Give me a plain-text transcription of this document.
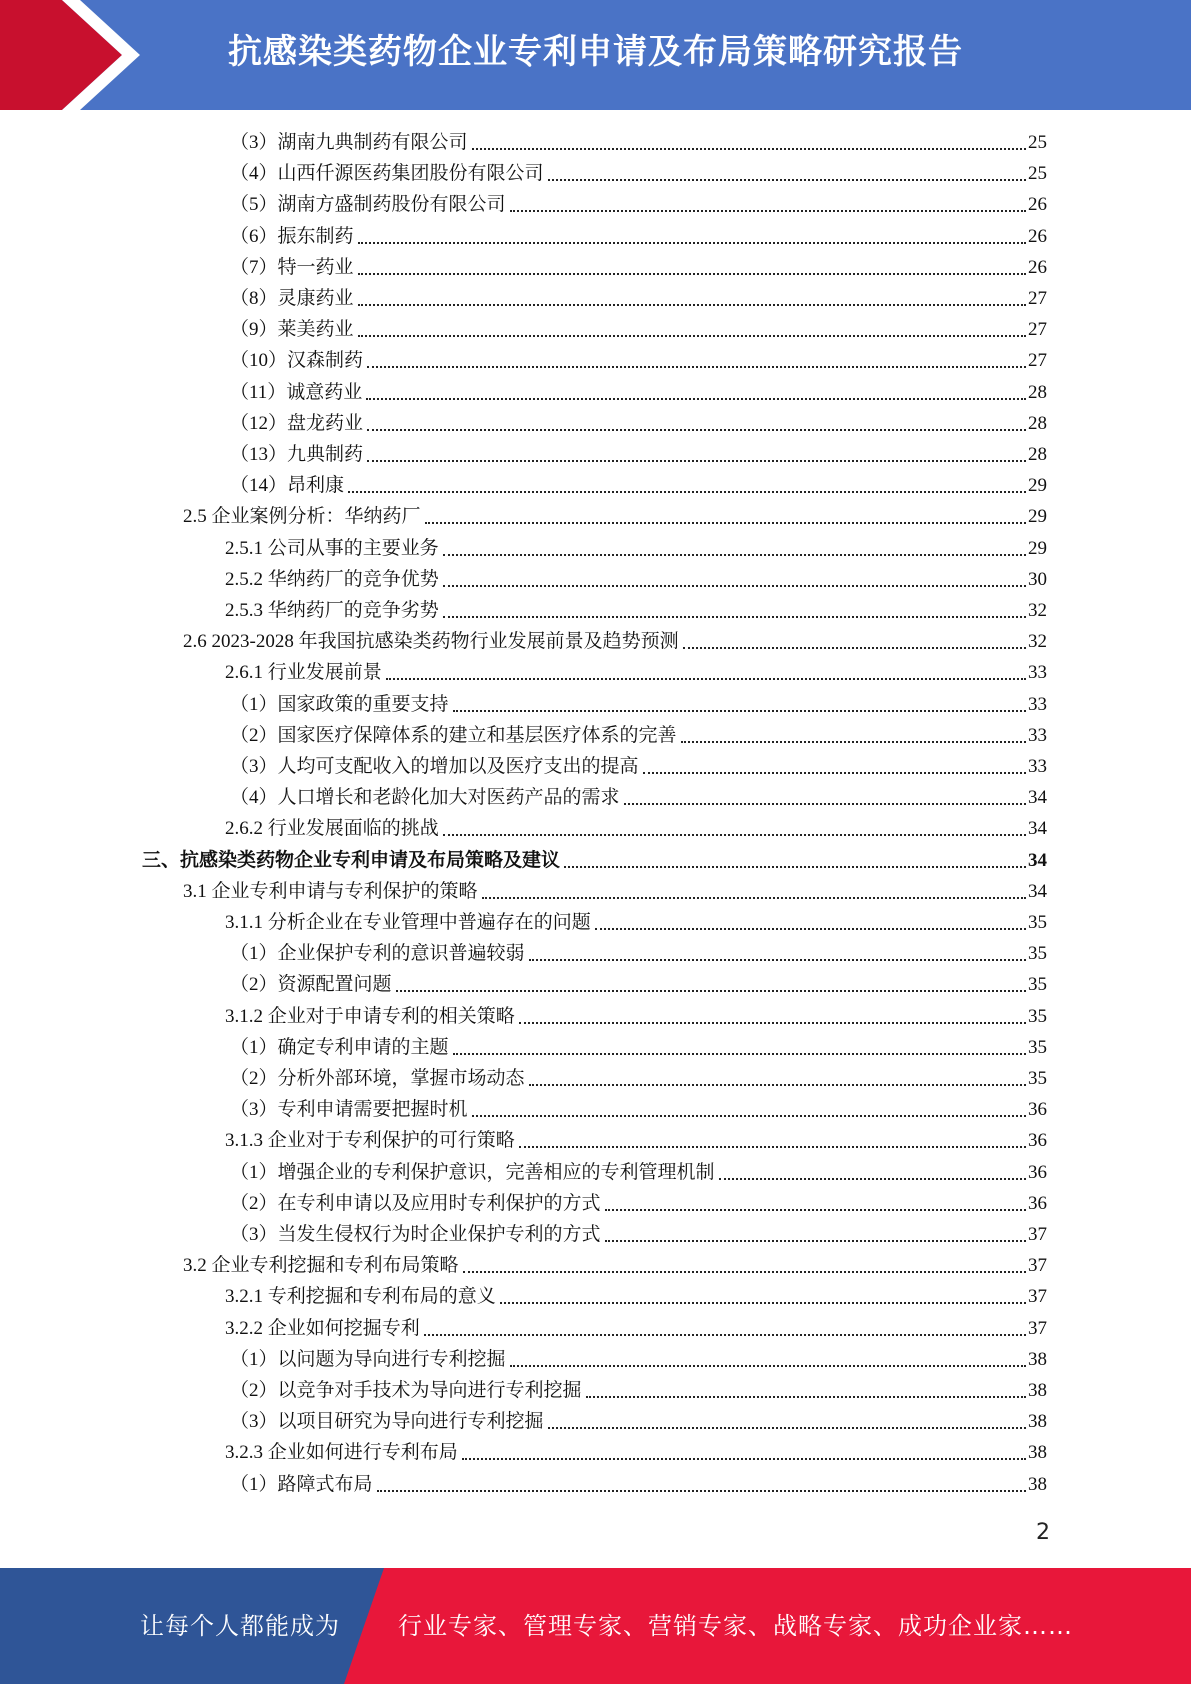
抗感染类药物企业专利申请及布局策略研究报告
（3）湖南九典制药有限公司	25
（4）山西仟源医药集团股份有限公司	25
（5）湖南方盛制药股份有限公司	26
（6）振东制药	26
（7）特一药业	26
（8）灵康药业	27
（9）莱美药业	27
（10）汉森制药	27
（11）诚意药业	28
（12）盘龙药业	28
（13）九典制药	28
（14）昂利康	29
2.5 企业案例分析：华纳药厂	29
2.5.1 公司从事的主要业务	29
2.5.2 华纳药厂的竞争优势	30
2.5.3 华纳药厂的竞争劣势	32
2.6 2023-2028 年我国抗感染类药物行业发展前景及趋势预测	32
2.6.1 行业发展前景	33
（1）国家政策的重要支持	33
（2）国家医疗保障体系的建立和基层医疗体系的完善	33
（3）人均可支配收入的增加以及医疗支出的提高	33
（4）人口增长和老龄化加大对医药产品的需求	34
2.6.2 行业发展面临的挑战	34
三、抗感染类药物企业专利申请及布局策略及建议	34
3.1 企业专利申请与专利保护的策略	34
3.1.1 分析企业在专业管理中普遍存在的问题	35
（1）企业保护专利的意识普遍较弱	35
（2）资源配置问题	35
3.1.2 企业对于申请专利的相关策略	35
（1）确定专利申请的主题	35
（2）分析外部环境，掌握市场动态	35
（3）专利申请需要把握时机	36
3.1.3 企业对于专利保护的可行策略	36
（1）增强企业的专利保护意识，完善相应的专利管理机制	36
（2）在专利申请以及应用时专利保护的方式	36
（3）当发生侵权行为时企业保护专利的方式	37
3.2 企业专利挖掘和专利布局策略	37
3.2.1 专利挖掘和专利布局的意义	37
3.2.2 企业如何挖掘专利	37
（1）以问题为导向进行专利挖掘	38
（2）以竞争对手技术为导向进行专利挖掘	38
（3）以项目研究为导向进行专利挖掘	38
3.2.3 企业如何进行专利布局	38
（1）路障式布局	38
2
让每个人都能成为 行业专家、管理专家、营销专家、战略专家、成功企业家……
